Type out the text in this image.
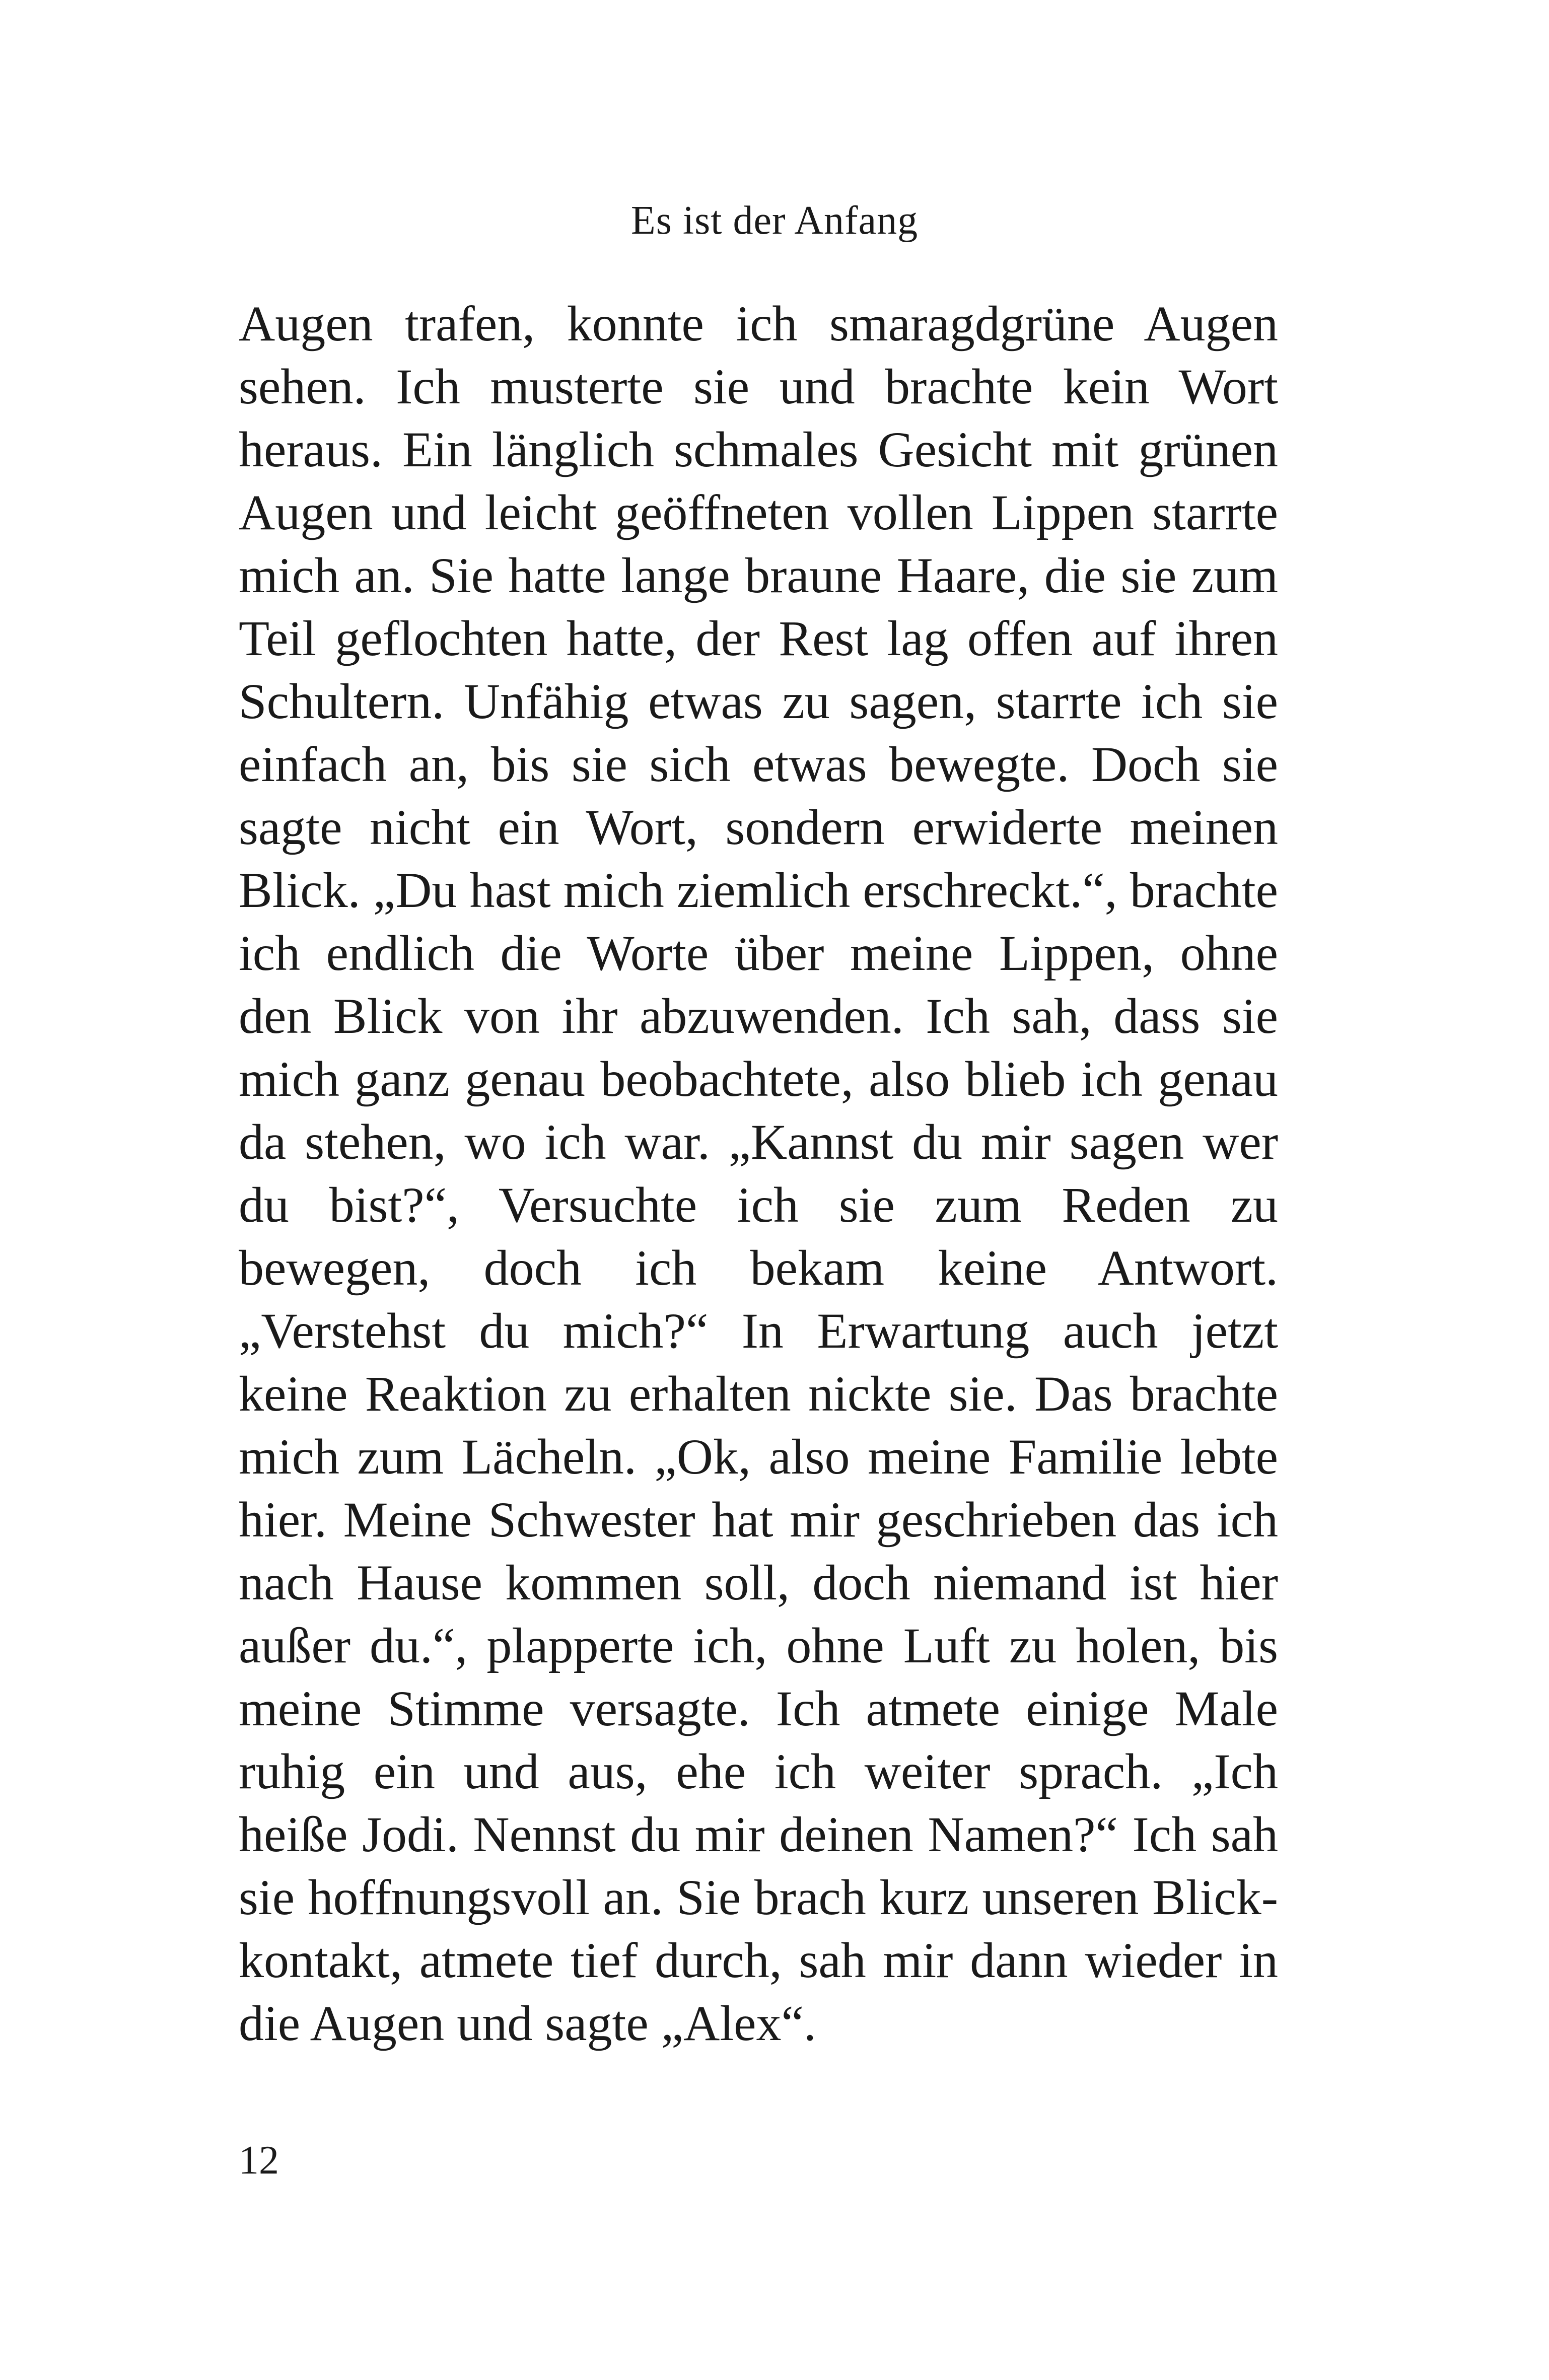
Es ist der Anfang
Augen trafen, konnte ich smaragdgrüne Augen
sehen. Ich musterte sie und brachte kein Wort
heraus. Ein länglich schmales Gesicht mit grünen
Augen und leicht geöffneten vollen Lippen starrte
mich an. Sie hatte lange braune Haare, die sie zum
Teil geflochten hatte, der Rest lag offen auf ihren
Schultern. Unfähig etwas zu sagen, starrte ich sie
einfach an, bis sie sich etwas bewegte. Doch sie
sagte nicht ein Wort, sondern erwiderte meinen
Blick. „Du hast mich ziemlich erschreckt.“, brachte
ich endlich die Worte über meine Lippen, ohne
den Blick von ihr abzuwenden. Ich sah, dass sie
mich ganz genau beobachtete, also blieb ich genau
da stehen, wo ich war. „Kannst du mir sagen wer
du bist?“, Versuchte ich sie zum Reden zu
bewegen, doch ich bekam keine Antwort.
„Verstehst du mich?“ In Erwartung auch jetzt
keine Reaktion zu erhalten nickte sie. Das brachte
mich zum Lächeln. „Ok, also meine Familie lebte
hier. Meine Schwester hat mir geschrieben das ich
nach Hause kommen soll, doch niemand ist hier
außer du.“, plapperte ich, ohne Luft zu holen, bis
meine Stimme versagte. Ich atmete einige Male
ruhig ein und aus, ehe ich weiter sprach. „Ich
heiße Jodi. Nennst du mir deinen Namen?“ Ich sah
sie hoffnungsvoll an. Sie brach kurz unseren Blick-
kontakt, atmete tief durch, sah mir dann wieder in
die Augen und sagte „Alex“.
12
